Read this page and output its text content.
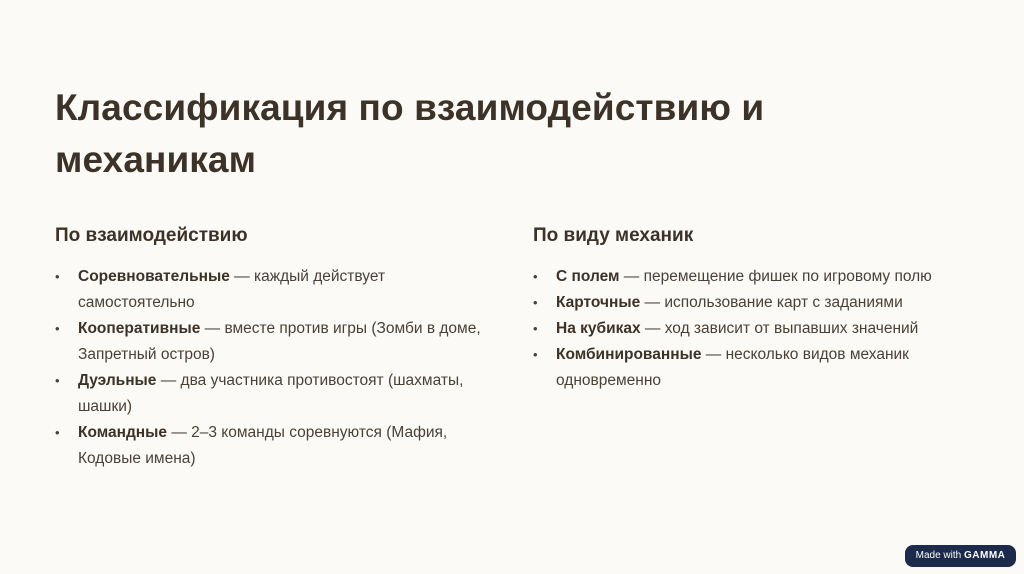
Классификация по взаимодействию и механикам
По взаимодействию
• Соревновательные — каждый действует самостоятельно
• Кооперативные — вместе против игры (Зомби в доме, Запретный остров)
• Дуэльные — два участника противостоят (шахматы, шашки)
• Командные — 2–3 команды соревнуются (Мафия, Кодовые имена)
По виду механик
• С полем — перемещение фишек по игровому полю
• Карточные — использование карт с заданиями
• На кубиках — ход зависит от выпавших значений
• Комбинированные — несколько видов механик одновременно
Made with GAMMA
